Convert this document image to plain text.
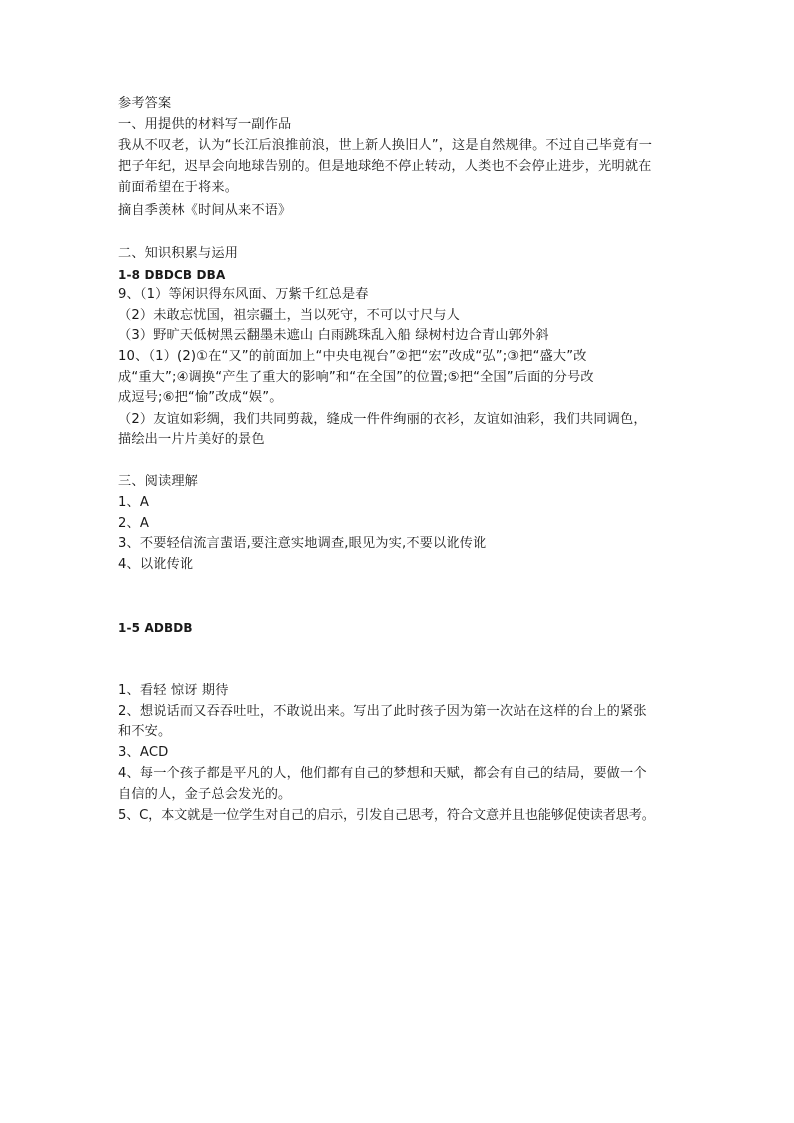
参考答案
一、用提供的材料写一副作品
我从不叹老，认为“长江后浪推前浪，世上新人换旧人”，这是自然规律。不过自己毕竟有一
把子年纪，迟早会向地球告别的。但是地球绝不停止转动，人类也不会停止进步，光明就在
前面希望在于将来。
摘自季羡林《时间从来不语》
二、知识积累与运用
1-8 DBDCB DBA
9、（1）等闲识得东风面、万紫千红总是春
（2）未敢忘忧国，祖宗疆土，当以死守，不可以寸尺与人
（3）野旷天低树黑云翻墨未遮山 白雨跳珠乱入船 绿树村边合青山郭外斜
10、（1）(2)①在“又”的前面加上“中央电视台”②把“宏”改成“弘”;③把“盛大”改
成“重大”;④调换“产生了重大的影响”和“在全国”的位置;⑤把“全国”后面的分号改
成逗号;⑥把“愉”改成“娱”。
（2）友谊如彩绸，我们共同剪裁，缝成一件件绚丽的衣衫，友谊如油彩，我们共同调色，
描绘出一片片美好的景色
三、阅读理解
1、A
2、A
3、不要轻信流言蜚语,要注意实地调查,眼见为实,不要以讹传讹
4、以讹传讹
1-5 ADBDB
1、看轻 惊讶 期待
2、想说话而又吞吞吐吐，不敢说出来。写出了此时孩子因为第一次站在这样的台上的紧张
和不安。
3、ACD
4、每一个孩子都是平凡的人，他们都有自己的梦想和天赋，都会有自己的结局，要做一个
自信的人，金子总会发光的。
5、C，本文就是一位学生对自己的启示，引发自己思考，符合文意并且也能够促使读者思考。
